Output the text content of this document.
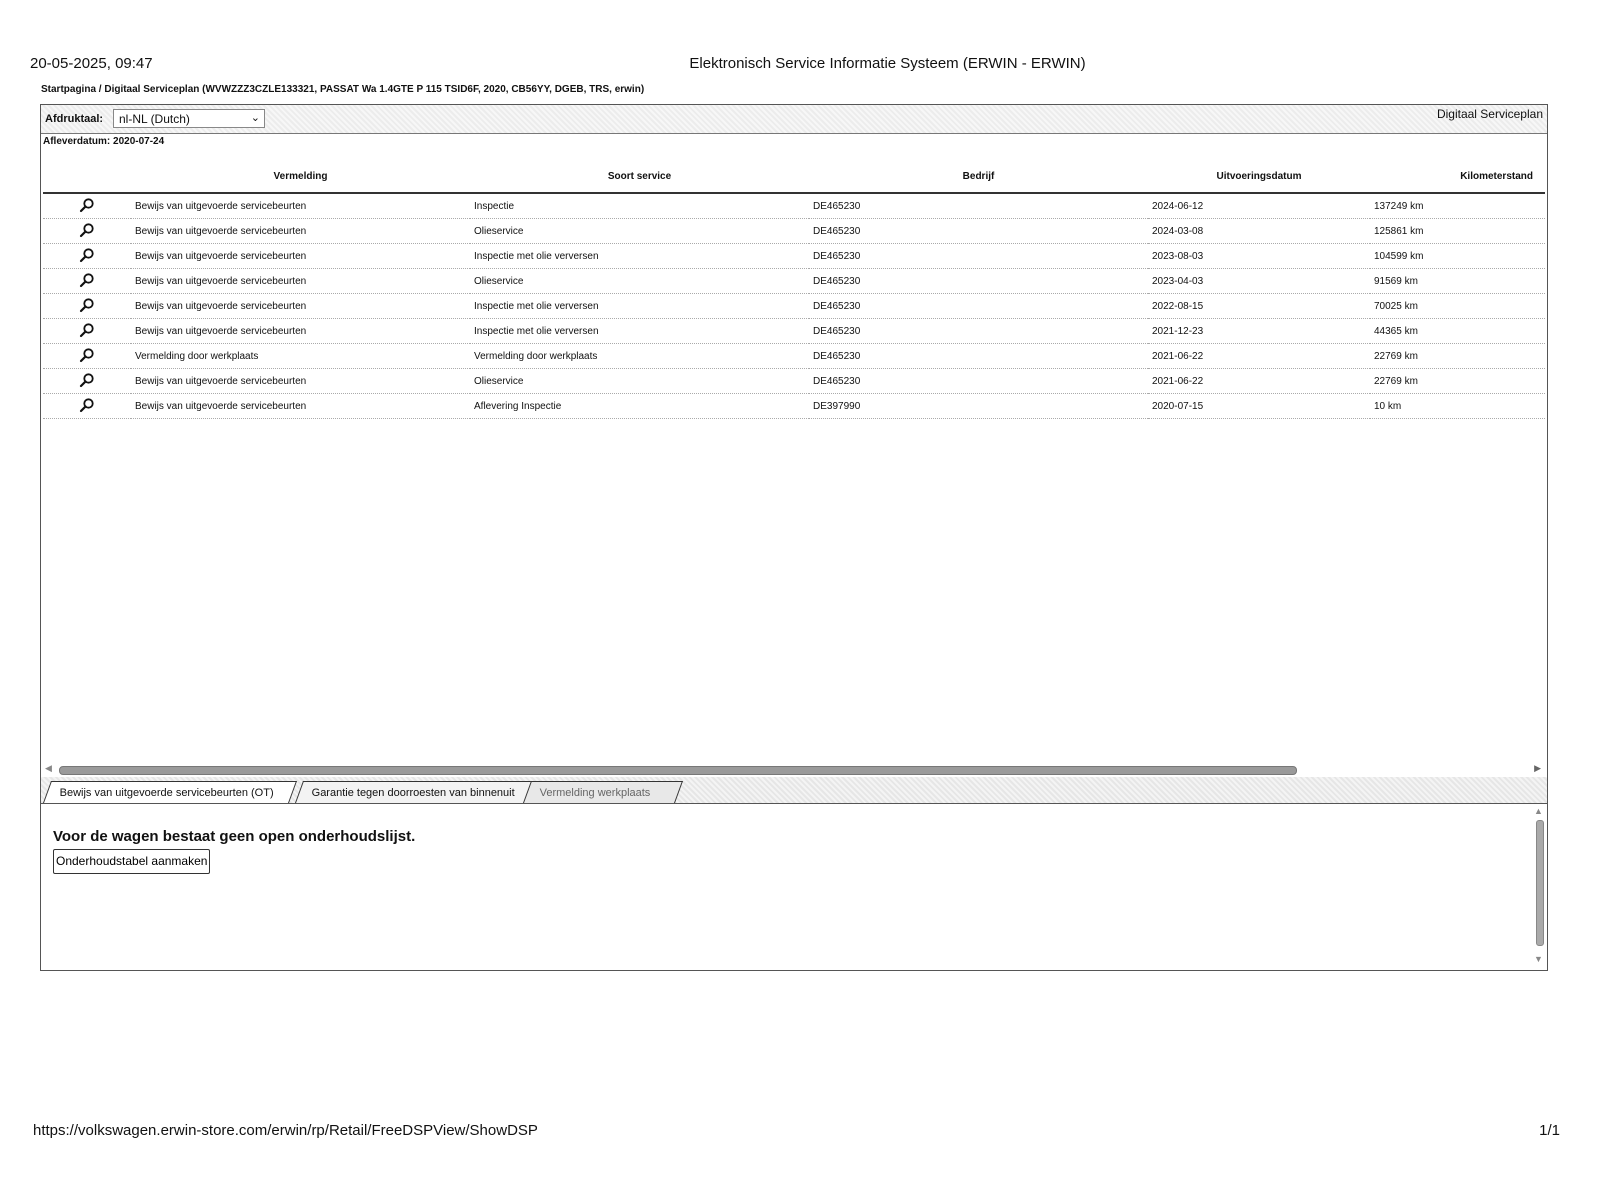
20-05-2025, 09:47	Elektronisch Service Informatie Systeem (ERWIN - ERWIN)
Startpagina / Digitaal Serviceplan (WVWZZZ3CZLE133321, PASSAT Wa 1.4GTE P 115 TSID6F, 2020, CB56YY, DGEB, TRS, erwin)
Afdruktaal: nl-NL (Dutch)	⌄	Digitaal Serviceplan
Afleverdatum: 2020-07-24
	Vermelding	Soort service	Bedrijf	Uitvoeringsdatum	Kilometerstand
	Bewijs van uitgevoerde servicebeurten	Inspectie	DE465230	2024-06-12	137249 km
	Bewijs van uitgevoerde servicebeurten	Olieservice	DE465230	2024-03-08	125861 km
	Bewijs van uitgevoerde servicebeurten	Inspectie met olie verversen	DE465230	2023-08-03	104599 km
	Bewijs van uitgevoerde servicebeurten	Olieservice	DE465230	2023-04-03	91569 km
	Bewijs van uitgevoerde servicebeurten	Inspectie met olie verversen	DE465230	2022-08-15	70025 km
	Bewijs van uitgevoerde servicebeurten	Inspectie met olie verversen	DE465230	2021-12-23	44365 km
	Vermelding door werkplaats	Vermelding door werkplaats	DE465230	2021-06-22	22769 km
	Bewijs van uitgevoerde servicebeurten	Olieservice	DE465230	2021-06-22	22769 km
	Bewijs van uitgevoerde servicebeurten	Aflevering Inspectie	DE397990	2020-07-15	10 km
◀	▶
Bewijs van uitgevoerde servicebeurten (OT)	Garantie tegen doorroesten van binnenuit	Vermelding werkplaats
Voor de wagen bestaat geen open onderhoudslijst.
Onderhoudstabel aanmaken
▲
▼
https://volkswagen.erwin-store.com/erwin/rp/Retail/FreeDSPView/ShowDSP	1/1
